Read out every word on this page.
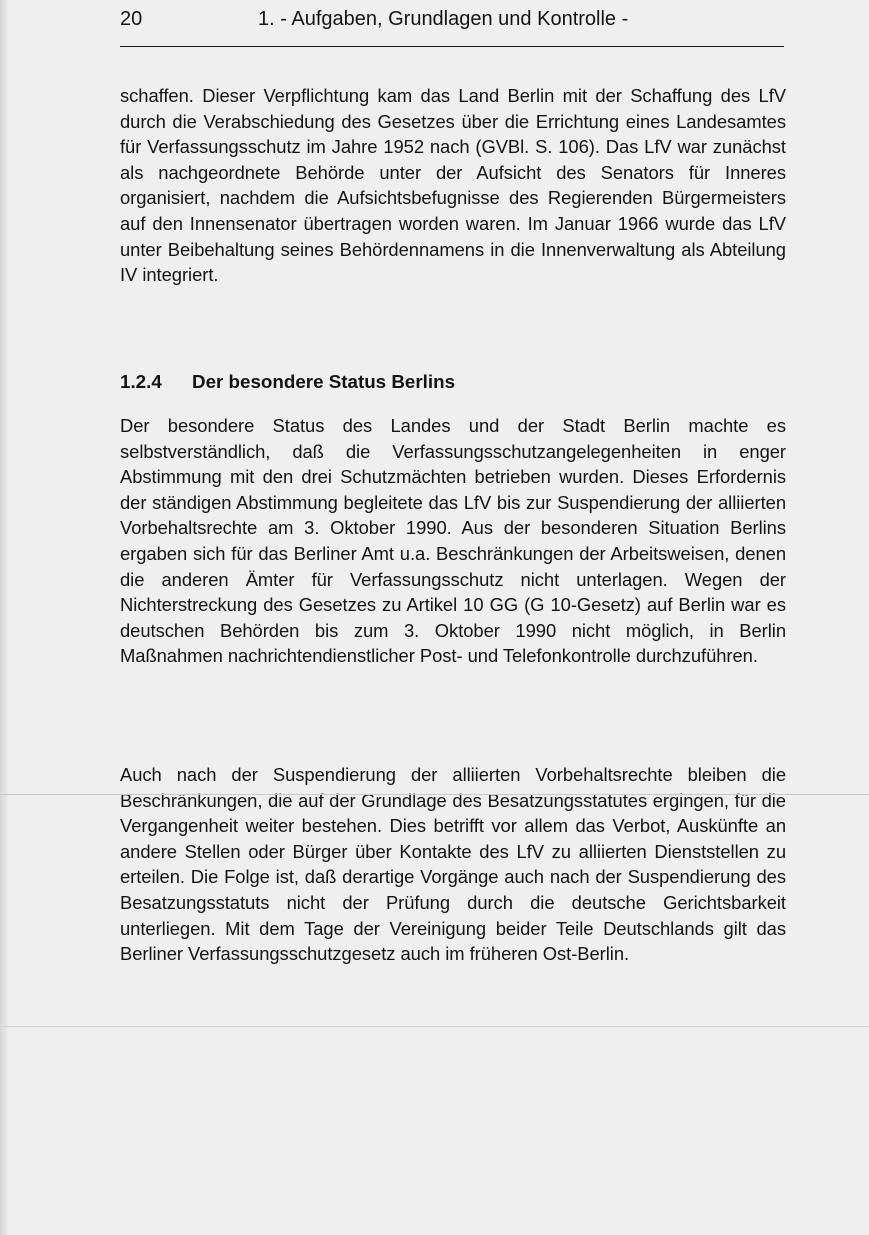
20	1. - Aufgaben, Grundlagen und Kontrolle -

schaffen. Dieser Verpflichtung kam das Land Berlin mit der Schaffung des LfV durch die Verabschiedung des Gesetzes über die Errichtung eines Landesamtes für Verfassungsschutz im Jahre 1952 nach (GVBl. S. 106). Das LfV war zunächst als nachgeordnete Behörde unter der Aufsicht des Senators für Inneres organisiert, nachdem die Aufsichtsbefugnisse des Regierenden Bürgermeisters auf den Innensenator übertragen worden waren. Im Januar 1966 wurde das LfV unter Beibehaltung seines Behördennamens in die Innenverwaltung als Abteilung IV integriert.

1.2.4 Der besondere Status Berlins

Der besondere Status des Landes und der Stadt Berlin machte es selbstverständlich, daß die Verfassungsschutzangelegenheiten in enger Abstimmung mit den drei Schutzmächten betrieben wurden. Dieses Erfordernis der ständigen Abstimmung begleitete das LfV bis zur Suspendierung der alliierten Vorbehaltsrechte am 3. Oktober 1990. Aus der besonderen Situation Berlins ergaben sich für das Berliner Amt u.a. Beschränkungen der Arbeitsweisen, denen die anderen Ämter für Verfassungsschutz nicht unterlagen. Wegen der Nichterstreckung des Gesetzes zu Artikel 10 GG (G 10-Gesetz) auf Berlin war es deutschen Behörden bis zum 3. Oktober 1990 nicht möglich, in Berlin Maßnahmen nachrichtendienstlicher Post- und Telefonkontrolle durchzuführen.

Auch nach der Suspendierung der alliierten Vorbehaltsrechte bleiben die Beschränkungen, die auf der Grundlage des Besatzungsstatutes ergingen, für die Vergangenheit weiter bestehen. Dies betrifft vor allem das Verbot, Auskünfte an andere Stellen oder Bürger über Kontakte des LfV zu alliierten Dienststellen zu erteilen. Die Folge ist, daß derartige Vorgänge auch nach der Suspendierung des Besatzungsstatuts nicht der Prüfung durch die deutsche Gerichtsbarkeit unterliegen. Mit dem Tage der Vereinigung beider Teile Deutschlands gilt das Berliner Verfassungsschutzgesetz auch im früheren Ost-Berlin.
